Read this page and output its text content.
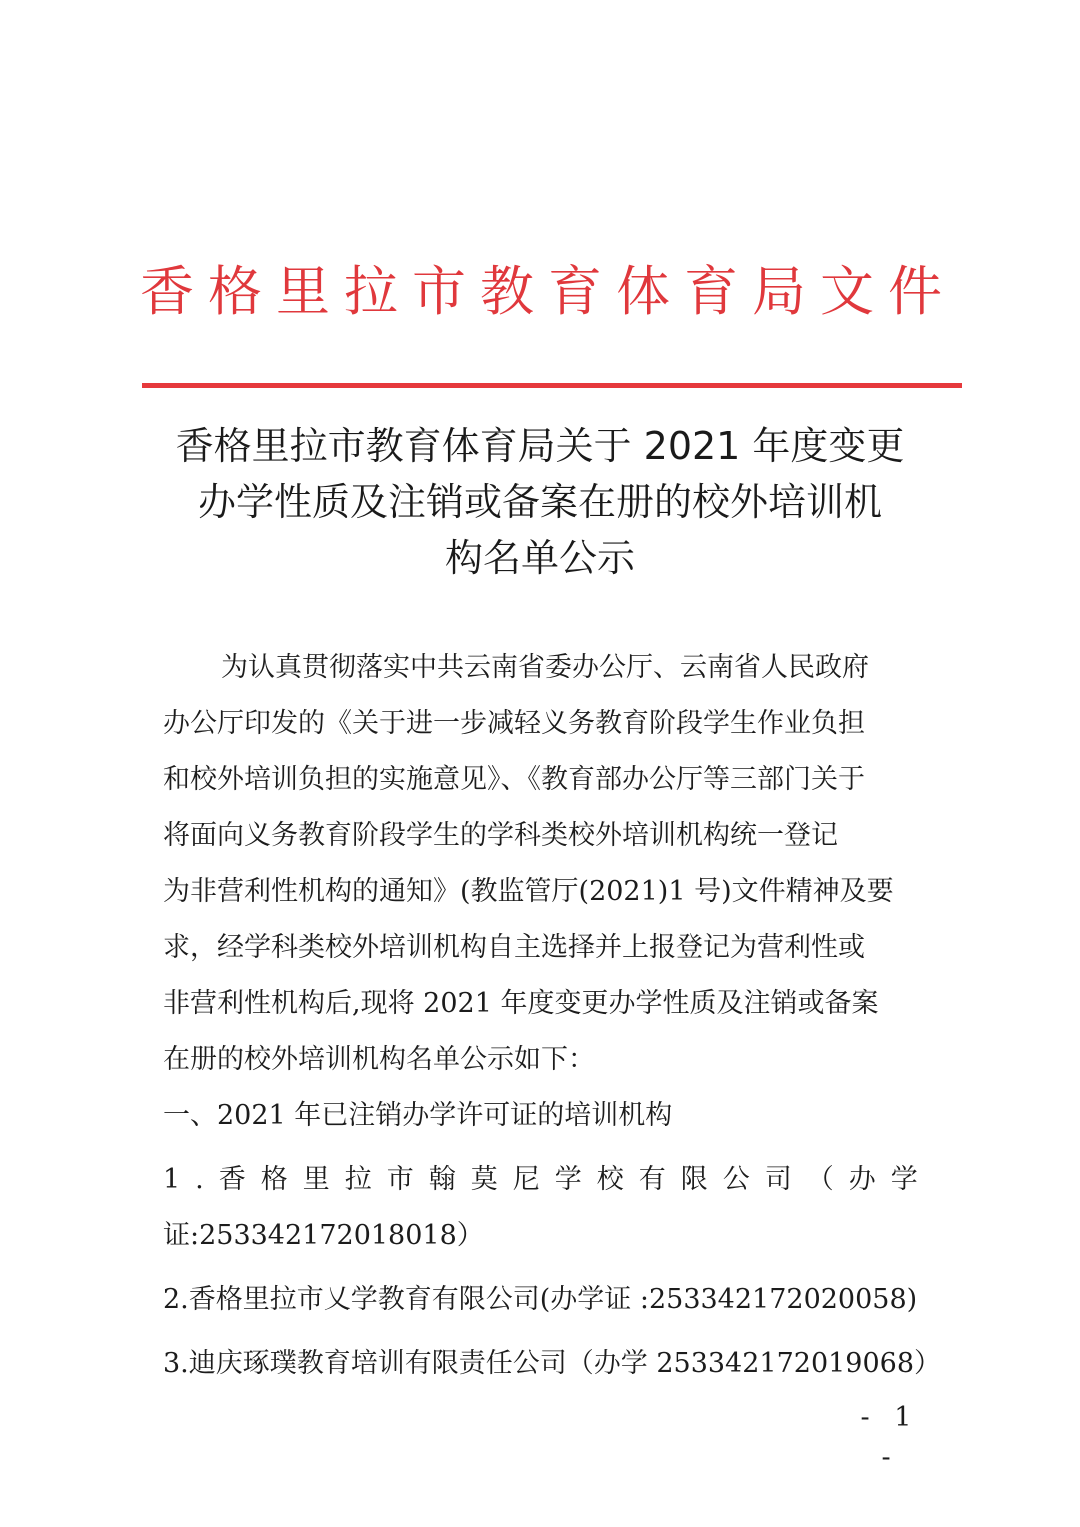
香格里拉市教育体育局文件
香格里拉市教育体育局关于 2021 年度变更
办学性质及注销或备案在册的校外培训机
构名单公示
为认真贯彻落实中共云南省委办公厅、云南省人民政府
办公厅印发的《关于进一步减轻义务教育阶段学生作业负担
和校外培训负担的实施意见》、《教育部办公厅等三部门关于
将面向义务教育阶段学生的学科类校外培训机构统一登记
为非营利性机构的通知》(教监管厅(2021)1 号)文件精神及要
求，经学科类校外培训机构自主选择并上报登记为营利性或
非营利性机构后,现将 2021 年度变更办学性质及注销或备案
在册的校外培训机构名单公示如下：
一、2021 年已注销办学许可证的培训机构
1.香格里拉市翰莫尼学校有限公司（办学
证:253342172018018）
2.香格里拉市乂学教育有限公司(办学证 :253342172020058)
3.迪庆琢璞教育培训有限责任公司（办学 253342172019068）
- 1 -
